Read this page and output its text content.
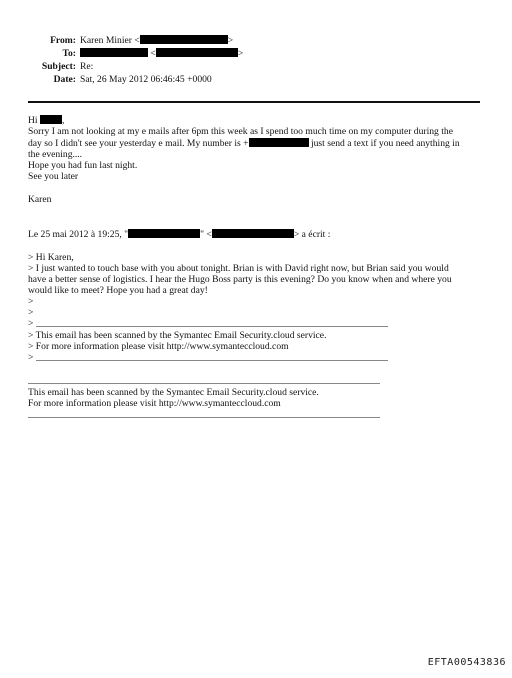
From: Karen Minier <	>
To:	<	>
Subject: Re:
Date: Sat, 26 May 2012 06:46:45 +0000
Hi	,
Sorry I am not looking at my e mails after 6pm this week as I spend too much time on my computer during the
day so I didn't see your yesterday e mail. My number is +	just send a text if you need anything in
the evening....
Hope you had fun last night.
See you later
Karen
Le 25 mai 2012 à 19:25, "	" <	> a écrit :
> Hi Karen,
> I just wanted to touch base with you about tonight. Brian is with David right now, but Brian said you would
have a better sense of logistics. I hear the Hugo Boss party is this evening? Do you know when and where you
would like to meet? Hope you had a great day!
>
>
>
> This email has been scanned by the Symantec Email Security.cloud service.
> For more information please visit http://www.symanteccloud.com
>
This email has been scanned by the Symantec Email Security.cloud service.
For more information please visit http://www.symanteccloud.com
EFTA00543836
